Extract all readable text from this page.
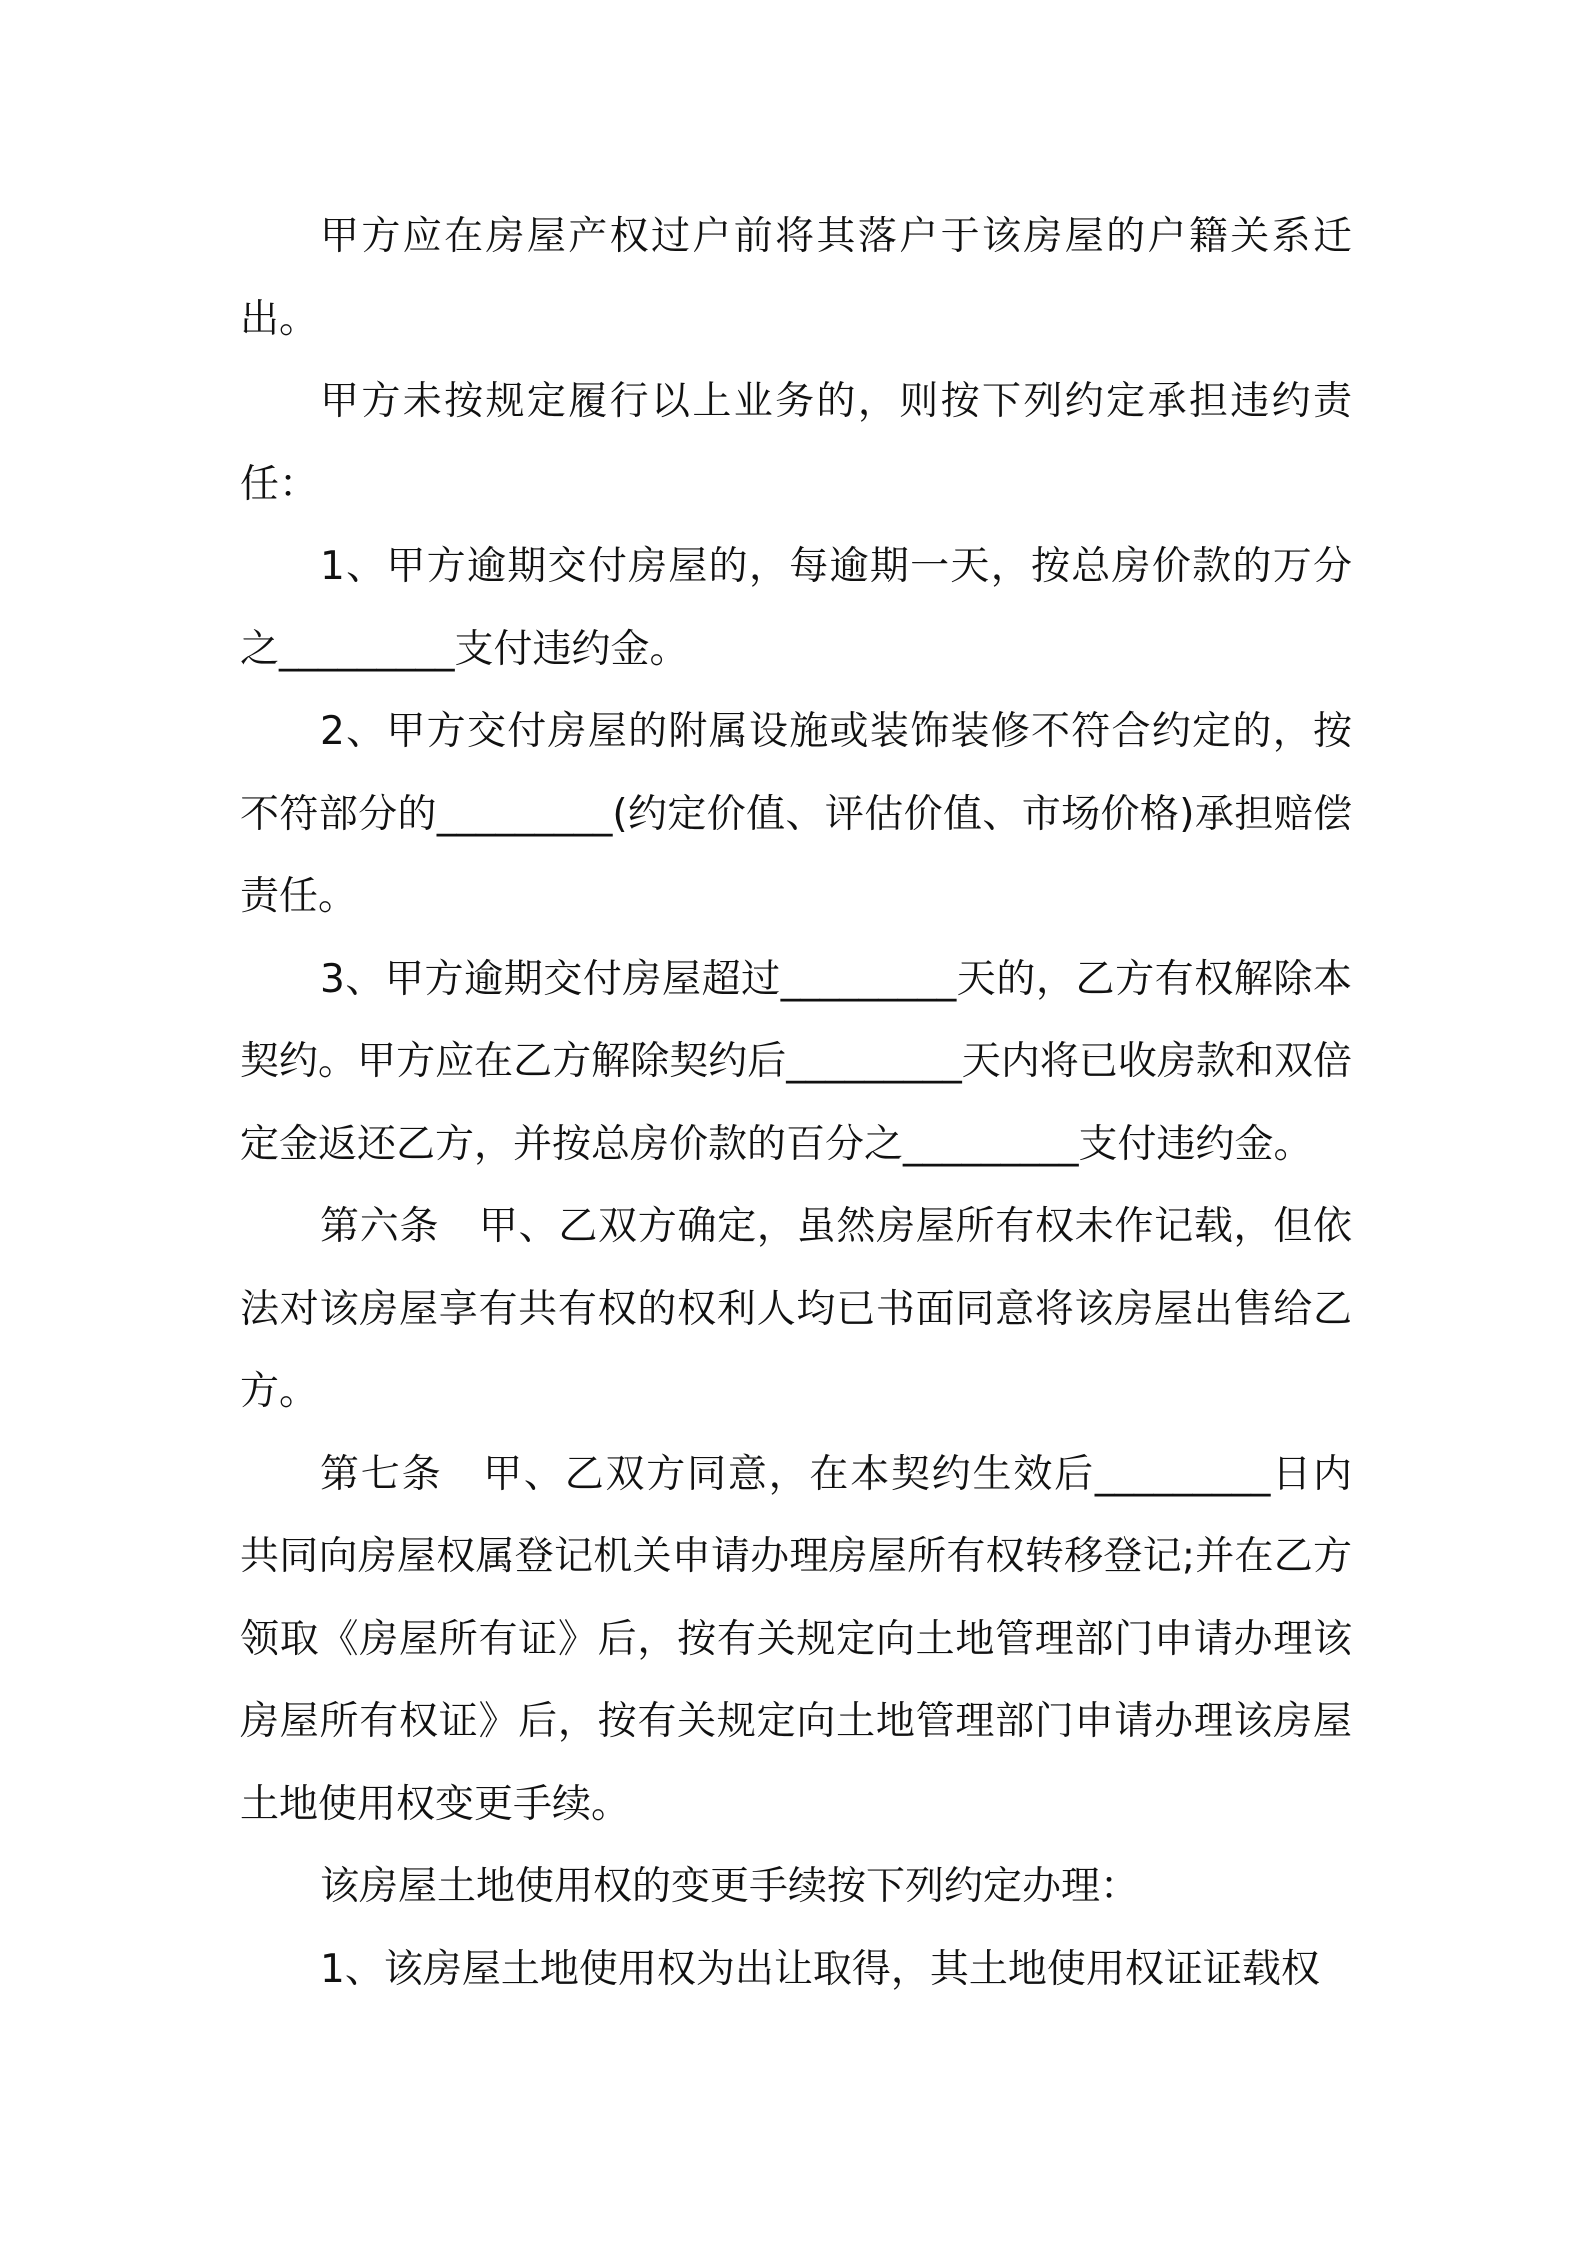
甲方应在房屋产权过户前将其落户于该房屋的户籍关系迁出。

甲方未按规定履行以上业务的，则按下列约定承担违约责任：

1、甲方逾期交付房屋的，每逾期一天，按总房价款的万分之_________支付违约金。

2、甲方交付房屋的附属设施或装饰装修不符合约定的，按不符部分的_________(约定价值、评估价值、市场价格)承担赔偿责任。

3、甲方逾期交付房屋超过_________天的，乙方有权解除本契约。甲方应在乙方解除契约后_________天内将已收房款和双倍定金返还乙方，并按总房价款的百分之_________支付违约金。

第六条　甲、乙双方确定，虽然房屋所有权未作记载，但依法对该房屋享有共有权的权利人均已书面同意将该房屋出售给乙方。

第七条　甲、乙双方同意，在本契约生效后_________日内共同向房屋权属登记机关申请办理房屋所有权转移登记;并在乙方领取《房屋所有证》后，按有关规定向土地管理部门申请办理该房屋所有权证》后，按有关规定向土地管理部门申请办理该房屋土地使用权变更手续。

该房屋土地使用权的变更手续按下列约定办理：

1、该房屋土地使用权为出让取得，其土地使用权证证载权
